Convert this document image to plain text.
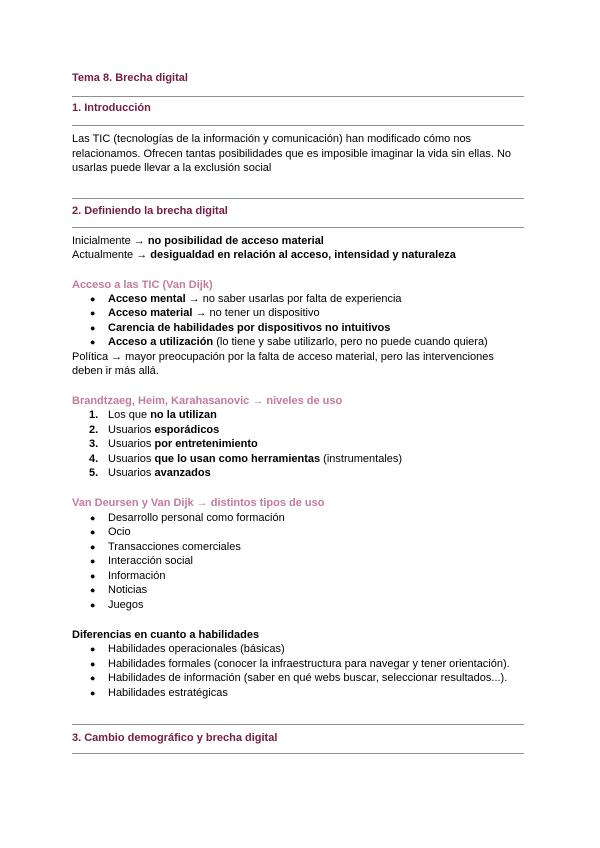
Tema 8. Brecha digital
1. Introducción
Las TIC (tecnologías de la información y comunicación) han modificado cómo nos
relacionamos. Ofrecen tantas posibilidades que es imposible imaginar la vida sin ellas. No
usarlas puede llevar a la exclusión social
2. Definiendo la brecha digital
Inicialmente → no posibilidad de acceso material
Actualmente → desigualdad en relación al acceso, intensidad y naturaleza
Acceso a las TIC (Van Dijk)
● Acceso mental → no saber usarlas por falta de experiencia
● Acceso material → no tener un dispositivo
● Carencia de habilidades por dispositivos no intuitivos
● Acceso a utilización (lo tiene y sabe utilizarlo, pero no puede cuando quiera)
Política → mayor preocupación por la falta de acceso material, pero las intervenciones
deben ir más allá.
Brandtzaeg, Heim, Karahasanovic → niveles de uso
1. Los que no la utilizan
2. Usuarios esporádicos
3. Usuarios por entretenimiento
4. Usuarios que lo usan como herramientas (instrumentales)
5. Usuarios avanzados
Van Deursen y Van Dijk → distintos tipos de uso
● Desarrollo personal como formación
● Ocio
● Transacciones comerciales
● Interacción social
● Información
● Noticias
● Juegos
Diferencias en cuanto a habilidades
● Habilidades operacionales (básicas)
● Habilidades formales (conocer la infraestructura para navegar y tener orientación).
● Habilidades de información (saber en qué webs buscar, seleccionar resultados...).
● Habilidades estratégicas
3. Cambio demográfico y brecha digital
